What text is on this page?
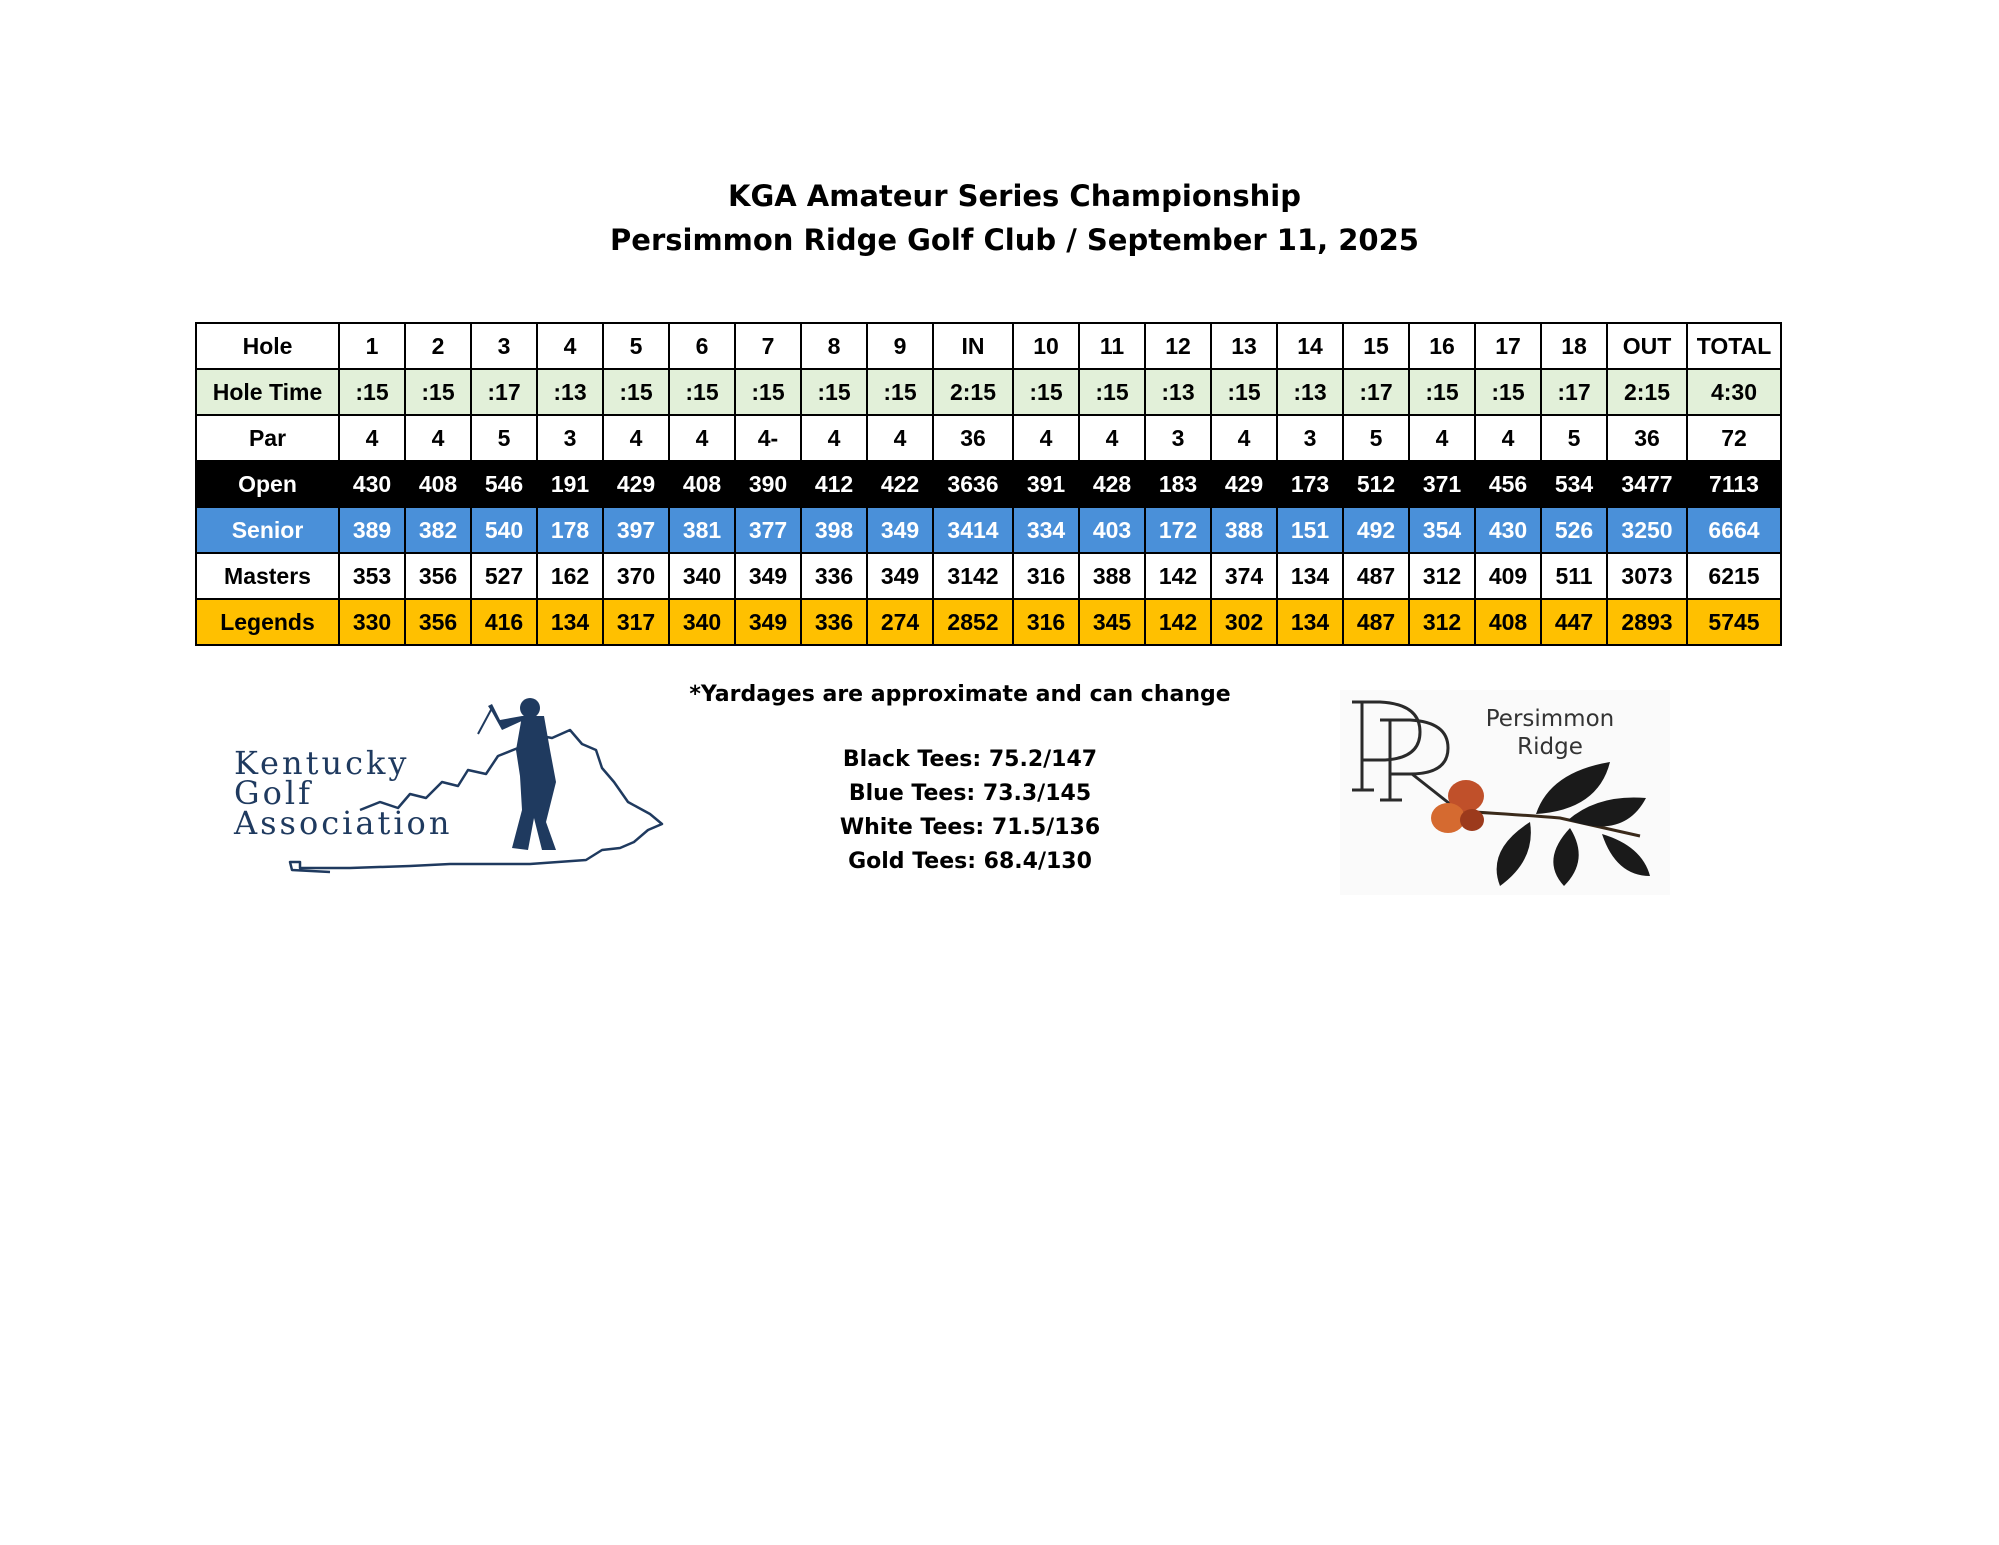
KGA Amateur Series Championship
Persimmon Ridge Golf Club / September 11, 2025
Hole	1	2	3	4	5	6	7	8	9	IN	10	11	12	13	14	15	16	17	18	OUT	TOTAL
Hole Time	:15	:15	:17	:13	:15	:15	:15	:15	:15	2:15	:15	:15	:13	:15	:13	:17	:15	:15	:17	2:15	4:30
Par	4	4	5	3	4	4	4-	4	4	36	4	4	3	4	3	5	4	4	5	36	72
Open	430	408	546	191	429	408	390	412	422	3636	391	428	183	429	173	512	371	456	534	3477	7113
Senior	389	382	540	178	397	381	377	398	349	3414	334	403	172	388	151	492	354	430	526	3250	6664
Masters	353	356	527	162	370	340	349	336	349	3142	316	388	142	374	134	487	312	409	511	3073	6215
Legends	330	356	416	134	317	340	349	336	274	2852	316	345	142	302	134	487	312	408	447	2893	5745
*Yardages are approximate and can change
Black Tees: 75.2/147
Blue Tees: 73.3/145
White Tees: 71.5/136
Gold Tees: 68.4/130
Kentucky
Golf
Association
Persimmon
Ridge
